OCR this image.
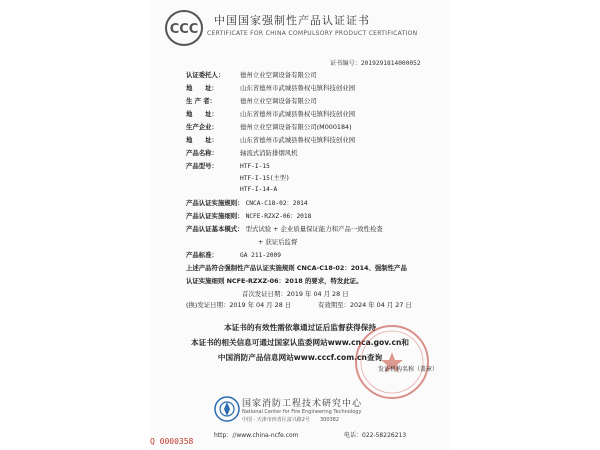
CCC
中国国家强制性产品认证证书
CERTIFICATE FOR CHINA COMPULSORY PRODUCT CERTIFICATION
证书编号：2019291814000052
认证委托人： 德州立业空调设备有限公司
地　　址：	山东省德州市武城县鲁权屯镇科技创业园
生 产 者：	德州立业空调设备有限公司
地　　址：	山东省德州市武城县鲁权屯镇科技创业园
生产企业：	德州立业空调设备有限公司(M000184)
地　　址：	山东省德州市武城县鲁权屯镇科技创业园
产品名称：	轴流式消防排烟风机
产品型号：	HTF-I-15
HTF-I-15(主型)
HTF-I-14-A
产品认证实施规则： CNCA-C18-02：2014
产品认证实施细则： NCFE-RZXZ-06：2018
产品认证基本模式： 型式试验 + 企业质量保证能力和产品一致性检查
+ 获证后监督
产品标准：	GA 211-2009
上述产品符合强制性产品认证实施规则 CNCA-C18-02：2014、强制性产品
认证实施细则 NCFE-RZXZ-06：2018 的要求，特发此证。
首次发证日期：2019 年 04 月 28 日
(换)发证日期：2019 年 04 月 28 日	有效期至：2024 年 04 月 27 日
本证书的有效性需依靠通过证后监督获得保持
本证书的相关信息可通过国家认监委网站www.cnca.gov.cn和
中国消防产品信息网站www.cccf.com.cn查询
发证机构名称（盖章）
国家消防工程技术研究中心
National Center for Fire Engineering Technology
中国 · 天津市西青区富兴路2号　　300382
http：//www.china-ncfe.com	电话：022-58226213
Q 0000358
